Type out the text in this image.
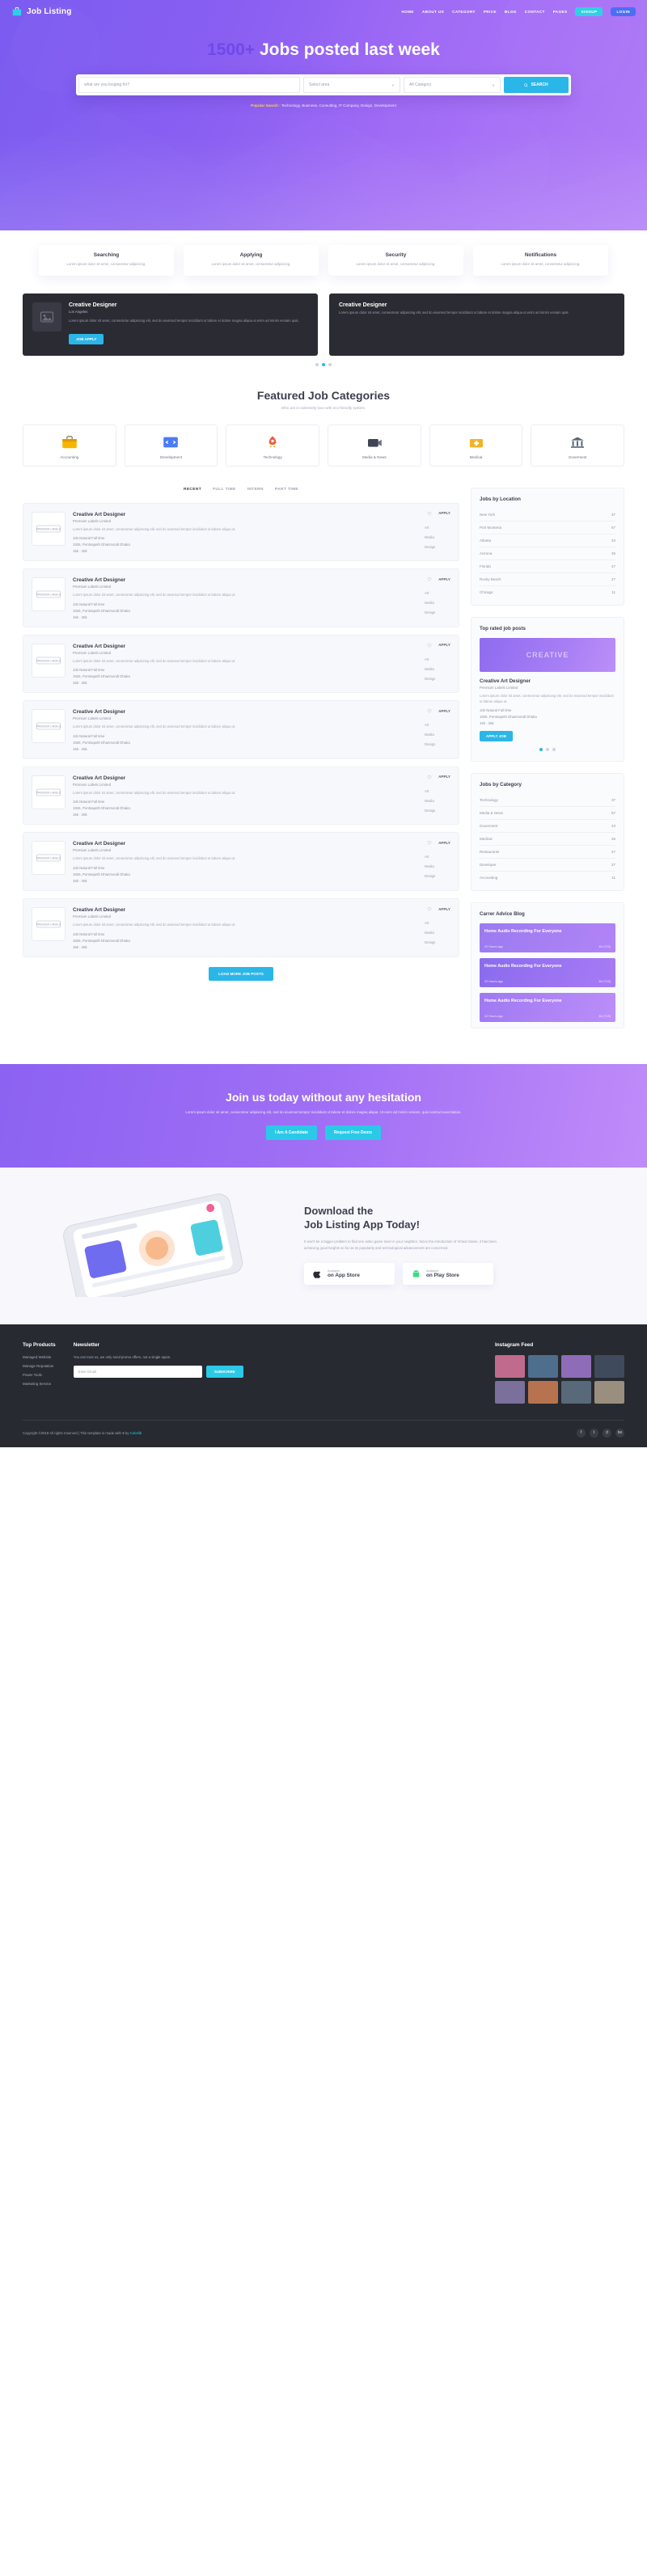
Job Listing	HOME ABOUT US CATEGORY PRICE BLOG CONTACT PAGES	SIGNUP	LOGIN
1500+ Jobs posted last week
what are you looging for?	Select area	▼	All Category	▼	SEARCH
Popular Search : Technology, Business, Consulting, IT Company, Design, Development
Searching
Lorem ipsum dolor sit amet, consectetur adipiscing.
Applying
Lorem ipsum dolor sit amet, consectetur adipiscing.
Security
Lorem ipsum dolor sit amet, consectetur adipiscing.
Notifications
Lorem ipsum dolor sit amet, consectetur adipiscing.
Creative Designer
Los Angeles

Lorem ipsum dolor sit amet, consectetur adipiscing elit, sed do eiusmod tempor incididunt ut labore et dolore magna aliqua ut enim ad minim veniam quis.

JOB APPLY
Creative Designer

Lorem ipsum dolor sit amet, consectetur adipiscing elit, sed do eiusmod tempor incididunt ut labore et dolore magna aliqua ut enim ad minim veniam quis.

Featured Job Categories

Who are in extremely love with eco friendly system.

Accounting	Development	Technology	Media & News	Medical	Goverment
RECENT	FULL TIME	INTERN	PART TIME
PREMIUM LABELS
Creative Art Designer
Premium Labels Limited
Lorem ipsum dolor sit amet, consectetur adipiscing elit, sed do eiusmod tempor incididunt ut labore aliqua ut.
Job Natural Full time
1926, Pontnapeth Dhanmondi Dhaka
15k - 25k
Art
Media
Design
APPLY
PREMIUM LABELS
Creative Art Designer
Premium Labels Limited
Lorem ipsum dolor sit amet, consectetur adipiscing elit, sed do eiusmod tempor incididunt ut labore aliqua ut.
Job Natural Full time
1926, Pontnapeth Dhanmondi Dhaka
15k - 25k
Art
Media
Design
APPLY
PREMIUM LABELS
Creative Art Designer
Premium Labels Limited
Lorem ipsum dolor sit amet, consectetur adipiscing elit, sed do eiusmod tempor incididunt ut labore aliqua ut.
Job Natural Full time
1926, Pontnapeth Dhanmondi Dhaka
15k - 25k
Art
Media
Design
APPLY
PREMIUM LABELS
Creative Art Designer
Premium Labels Limited
Lorem ipsum dolor sit amet, consectetur adipiscing elit, sed do eiusmod tempor incididunt ut labore aliqua ut.
Job Natural Full time
1926, Pontnapeth Dhanmondi Dhaka
15k - 25k
Art
Media
Design
APPLY
PREMIUM LABELS
Creative Art Designer
Premium Labels Limited
Lorem ipsum dolor sit amet, consectetur adipiscing elit, sed do eiusmod tempor incididunt ut labore aliqua ut.
Job Natural Full time
1926, Pontnapeth Dhanmondi Dhaka
15k - 25k
Art
Media
Design
APPLY
PREMIUM LABELS
Creative Art Designer
Premium Labels Limited
Lorem ipsum dolor sit amet, consectetur adipiscing elit, sed do eiusmod tempor incididunt ut labore aliqua ut.
Job Natural Full time
1926, Pontnapeth Dhanmondi Dhaka
15k - 25k
Art
Media
Design
APPLY
PREMIUM LABELS
Creative Art Designer
Premium Labels Limited
Lorem ipsum dolor sit amet, consectetur adipiscing elit, sed do eiusmod tempor incididunt ut labore aliqua ut.
Job Natural Full time
1926, Pontnapeth Dhanmondi Dhaka
15k - 25k
Art
Media
Design
APPLY
LOAD MORE JOB POSTS
Jobs by Location
New York	37
Port Monteria	57
Atlanta	23
Arizona	26
Florida	47
Rocky Beach	27
Chicago	11
Top rated job posts
CREATIVE
Creative Art Designer
Premium Labels Limited
Lorem ipsum dolor sit amet, consectetur adipiscing elit, sed do eiusmod tempor incididunt ut labore aliqua ut.
Job Natural Full time
1926, Pontnapeth Dhanmondi Dhaka
15k - 25k
APPLY JOB
Jobs by Category
Technology	37
Media & News	57
Goverment	23
Medical	26
Restaurants	47
Developer	27
Accounting	11
Carrer Advice Blog
Home Audio Recording For Everyone
22 Hours ago	Mr (719)
Home Audio Recording For Everyone
22 Hours ago	Mr (719)
Home Audio Recording For Everyone
22 Hours ago	Mr (719)
Join us today without any hesitation

Lorem ipsum dolor sit amet, consectetur adipiscing elit, sed do eiusmod tempor incididunt ut labore et dolore magna aliqua. Ut enim ad minim veniam, quis nostrud exercitation.

I Am A Candidate	Request Free Demo
Download the
Job Listing App Today!

It won't be a bigger problem to find one video game lover in your neighbor. Since the introduction of Virtual Game, it has been achieving good heights so far as its popularity and technological advancement are concerned.

Available
on App Store
Available
on Play Store
Top Products
Managed Website
Manage Reputation
Power Tools
Marketing Service
Newsletter

You can trust us, we only send promo offers, not a single spam.

Enter Email	SUBSCRIBE
Instagram Feed
Copyright ©2018 All rights reserved | This template is made with ♥ by Colorlib	f	t	d	be
